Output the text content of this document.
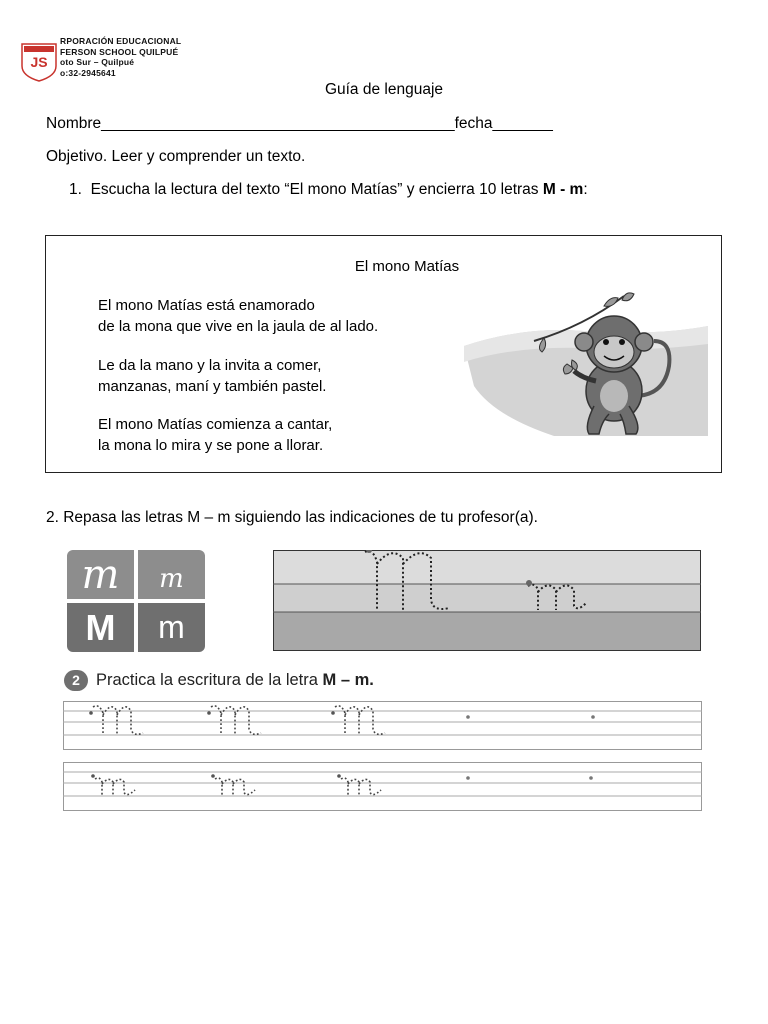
JS
RPORACIÓN EDUCACIONAL
FERSON SCHOOL QUILPUÉ
oto Sur – Quilpué
o:32-2945641
Guía de lenguaje
Nombre_________________________________________fecha_______
Objetivo. Leer y comprender un texto.
1. Escucha la lectura del texto “El mono Matías” y encierra 10 letras M - m:
El mono Matías
El mono Matías está enamorado
de la mona que vive en la jaula de al lado.
Le da la mano y la invita a comer,
manzanas, maní y también pastel.
El mono Matías comienza a cantar,
la mona lo mira y se pone a llorar.
2. Repasa las letras M – m siguiendo las indicaciones de tu profesor(a).
m	m
M	m
2 Practica la escritura de la letra M – m.
